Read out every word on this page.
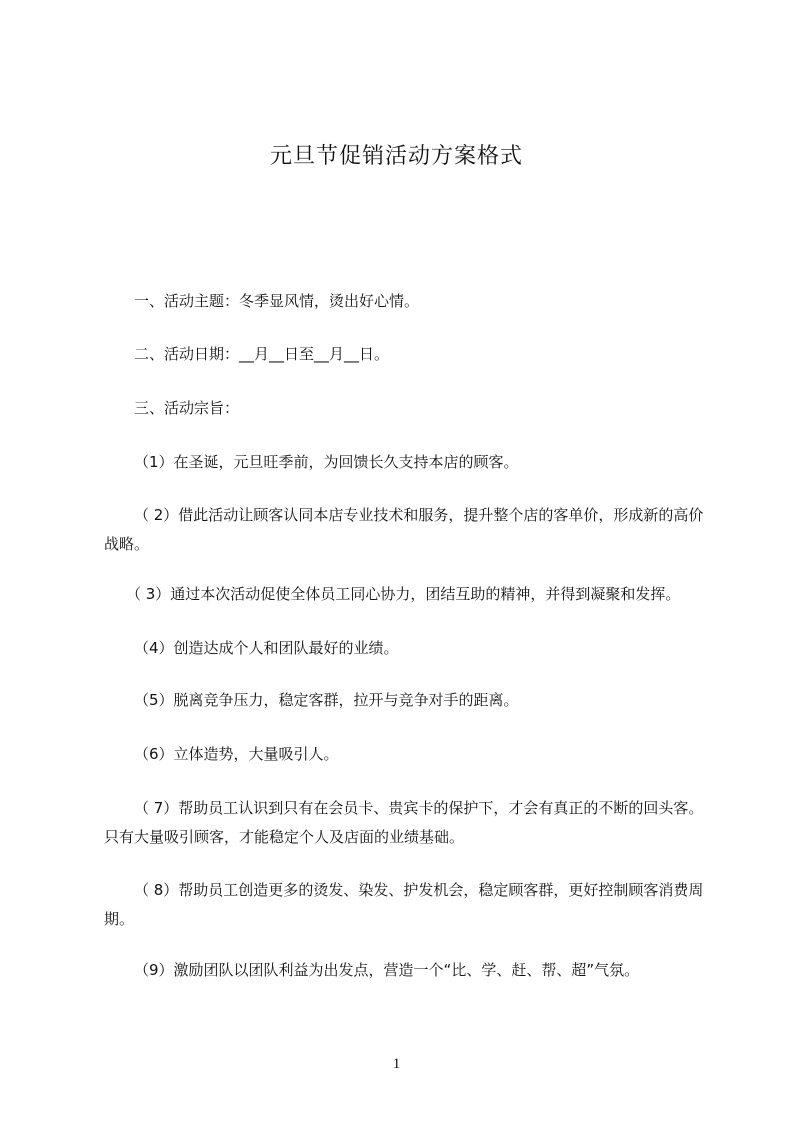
元旦节促销活动方案格式
一、活动主题：冬季显风情，烫出好心情。
二、活动日期：__月__日至__月__日。
三、活动宗旨：
（1）在圣诞，元旦旺季前，为回馈长久支持本店的顾客。
（ 2）借此活动让顾客认同本店专业技术和服务，提升整个店的客单价，形成新的高价战略。
（ 3）通过本次活动促使全体员工同心协力，团结互助的精神，并得到凝聚和发挥。
（4）创造达成个人和团队最好的业绩。
（5）脱离竞争压力，稳定客群，拉开与竞争对手的距离。
（6）立体造势，大量吸引人。
（ 7）帮助员工认识到只有在会员卡、贵宾卡的保护下，才会有真正的不断的回头客。只有大量吸引顾客，才能稳定个人及店面的业绩基础。
（ 8）帮助员工创造更多的烫发、染发、护发机会，稳定顾客群，更好控制顾客消费周期。
（9）激励团队以团队利益为出发点，营造一个“比、学、赶、帮、超”气氛。
1
